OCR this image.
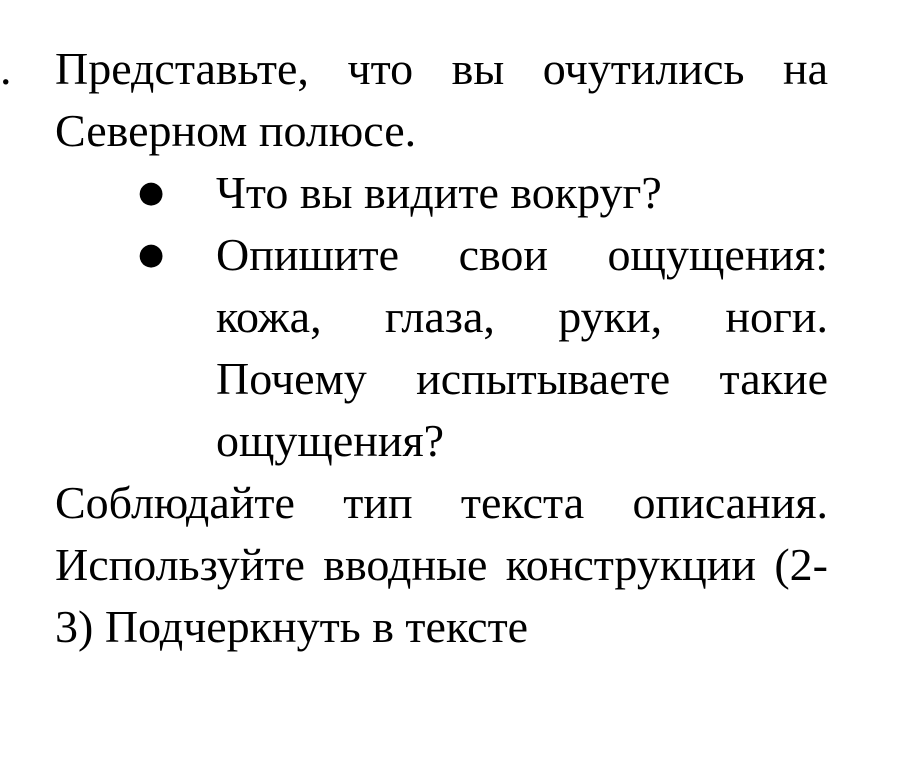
. Представьте, что вы очутились на Северном полюсе.

● Что вы видите вокруг?
● Опишите свои ощущения: кожа, глаза, руки, ноги. Почему испытываете такие ощущения?

Соблюдайте тип текста описания. Используйте вводные конструкции (2-3) Подчеркнуть в тексте
